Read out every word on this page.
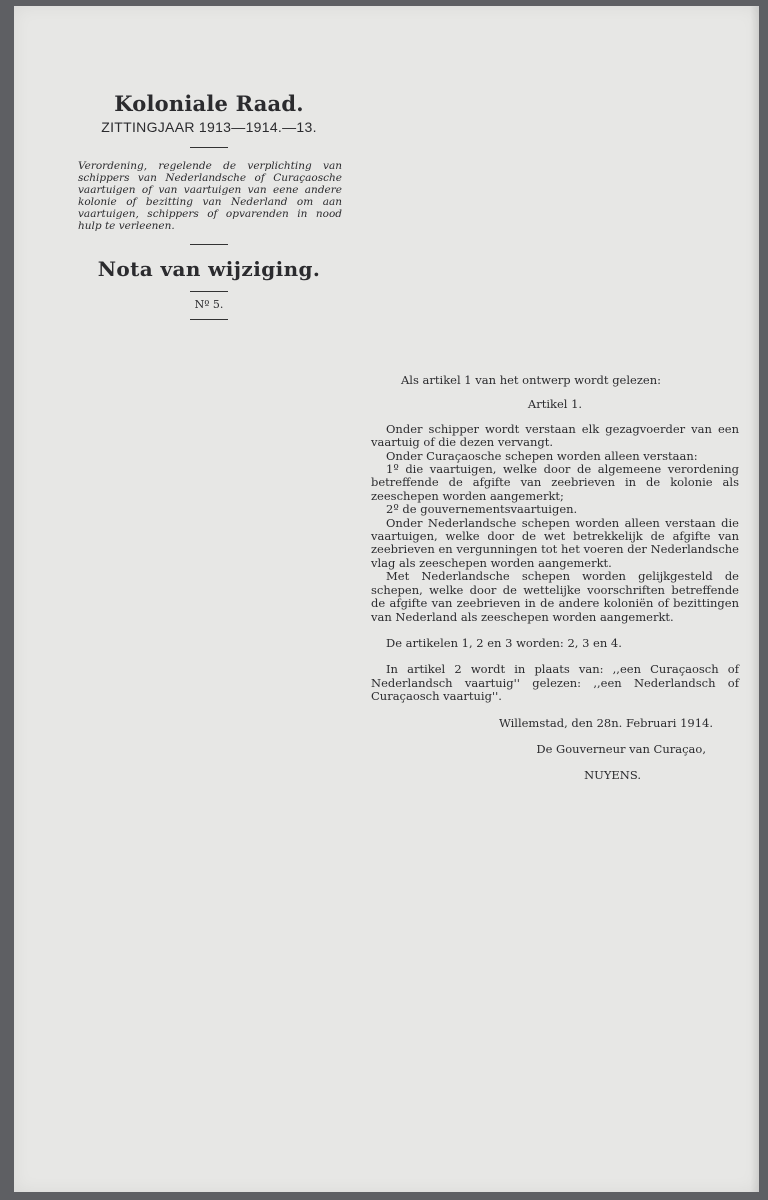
Koloniale Raad.

ZITTINGJAAR 1913—1914.—13.

Verordening, regelende de verplichting van schippers van Nederlandsche of Curaçaosche vaartuigen of van vaartuigen van eene andere kolonie of bezitting van Nederland om aan vaartuigen, schippers of opvarenden in nood hulp te verleenen.

Nota van wijziging.

Nº 5.

Als artikel 1 van het ontwerp wordt gelezen:

Artikel 1.

Onder schipper wordt verstaan elk gezagvoerder van een vaartuig of die dezen vervangt.

Onder Curaçaosche schepen worden alleen verstaan:

1º die vaartuigen, welke door de algemeene verordening betreffende de afgifte van zeebrieven in de kolonie als zeeschepen worden aangemerkt;

2º de gouvernementsvaartuigen.

Onder Nederlandsche schepen worden alleen verstaan die vaartuigen, welke door de wet betrekkelijk de afgifte van zeebrieven en vergunningen tot het voeren der Nederlandsche vlag als zeeschepen worden aangemerkt.

Met Nederlandsche schepen worden gelijkgesteld de schepen, welke door de wettelijke voorschriften betreffende de afgifte van zeebrieven in de andere koloniën of bezittingen van Nederland als zeeschepen worden aangemerkt.

De artikelen 1, 2 en 3 worden: 2, 3 en 4.

In artikel 2 wordt in plaats van: ,,een Curaçaosch of Nederlandsch vaartuig'' gelezen: ,,een Nederlandsch of Curaçaosch vaartuig''.

Willemstad, den 28n. Februari 1914.

De Gouverneur van Curaçao,

NUYENS.
